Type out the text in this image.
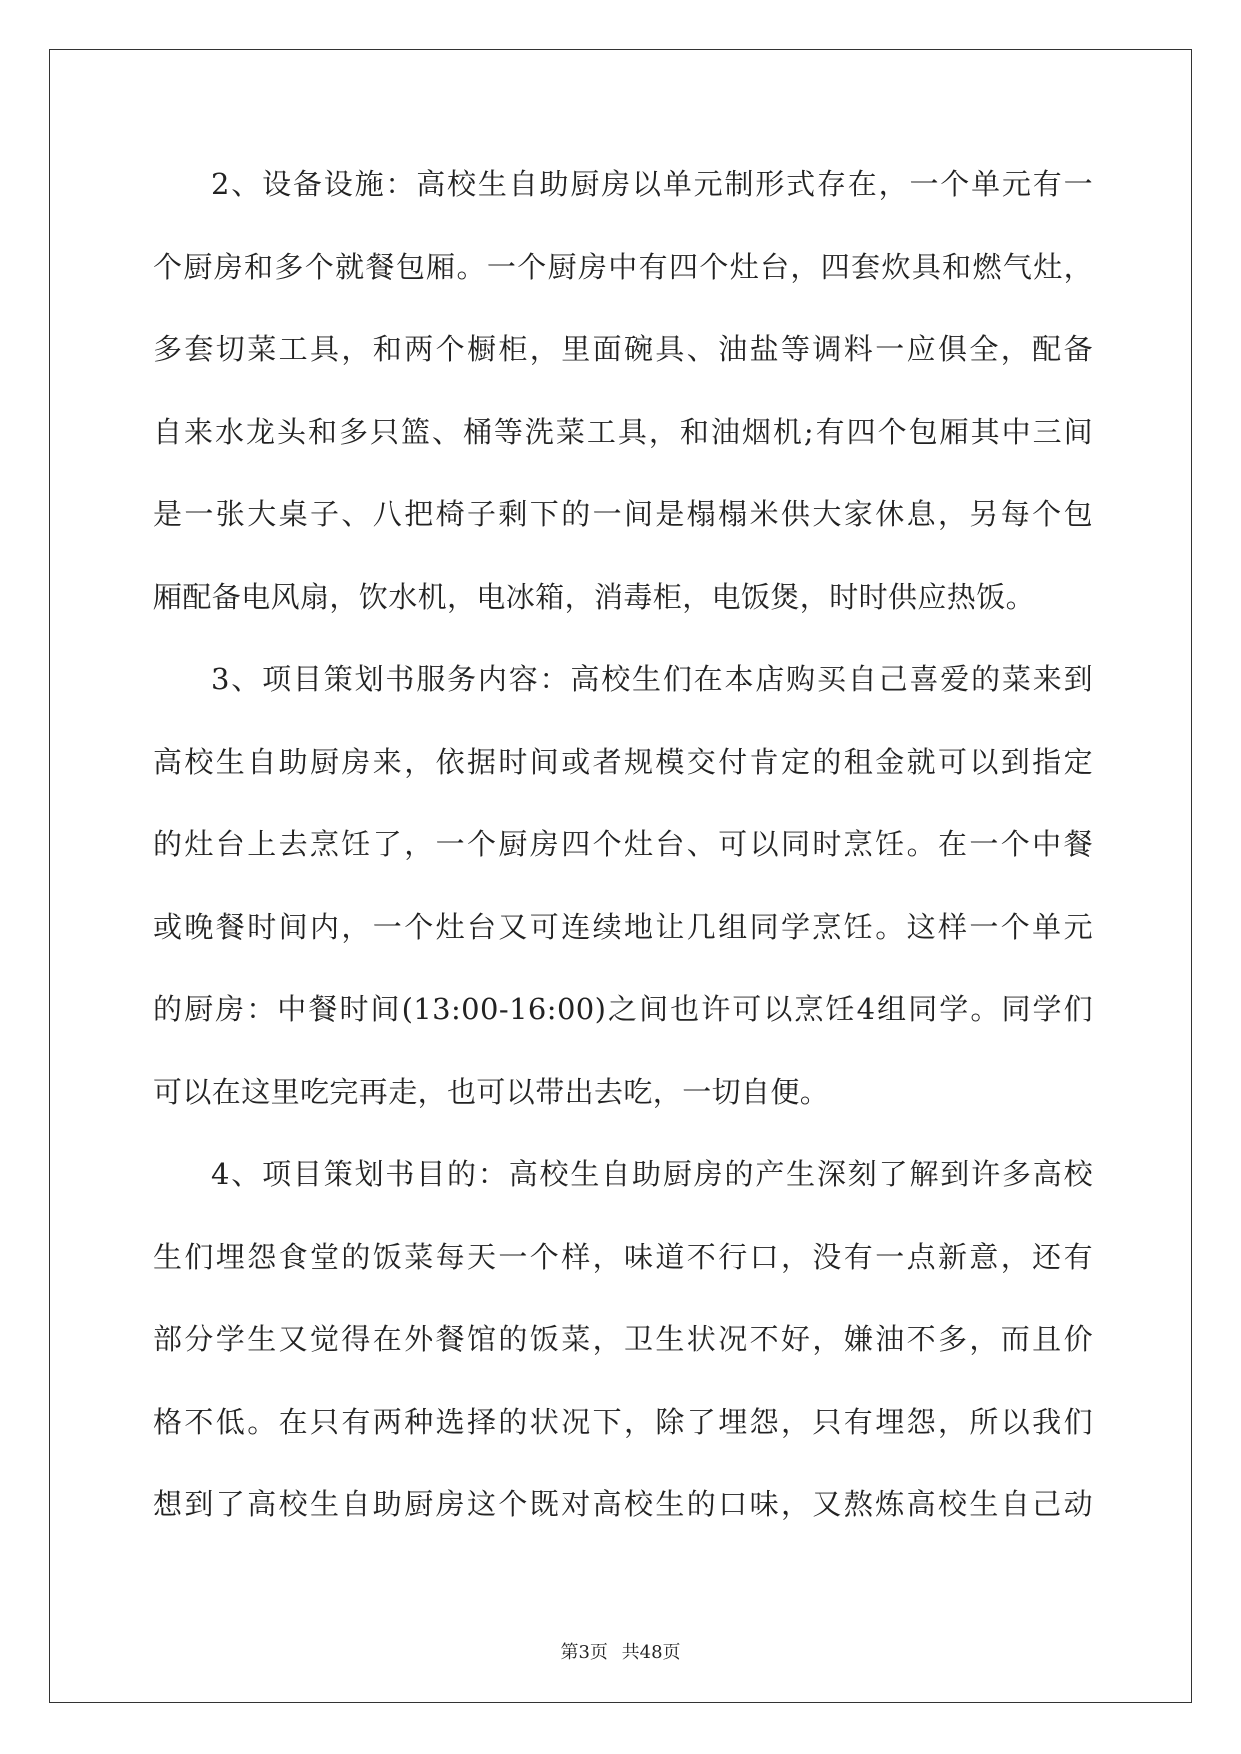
2、设备设施：高校生自助厨房以单元制形式存在，一个单元有一
个厨房和多个就餐包厢。一个厨房中有四个灶台，四套炊具和燃气灶，
多套切菜工具，和两个橱柜，里面碗具、油盐等调料一应俱全，配备
自来水龙头和多只篮、桶等洗菜工具，和油烟机;有四个包厢其中三间
是一张大桌子、八把椅子剩下的一间是榻榻米供大家休息，另每个包
厢配备电风扇，饮水机，电冰箱，消毒柜，电饭煲，时时供应热饭。
3、项目策划书服务内容：高校生们在本店购买自己喜爱的菜来到
高校生自助厨房来，依据时间或者规模交付肯定的租金就可以到指定
的灶台上去烹饪了，一个厨房四个灶台、可以同时烹饪。在一个中餐
或晚餐时间内，一个灶台又可连续地让几组同学烹饪。这样一个单元
的厨房：中餐时间(13:00-16:00)之间也许可以烹饪4组同学。同学们
可以在这里吃完再走，也可以带出去吃，一切自便。
4、项目策划书目的：高校生自助厨房的产生深刻了解到许多高校
生们埋怨食堂的饭菜每天一个样，味道不行口，没有一点新意，还有
部分学生又觉得在外餐馆的饭菜，卫生状况不好，嫌油不多，而且价
格不低。在只有两种选择的状况下，除了埋怨，只有埋怨，所以我们
想到了高校生自助厨房这个既对高校生的口味，又熬炼高校生自己动
第3页 共48页
